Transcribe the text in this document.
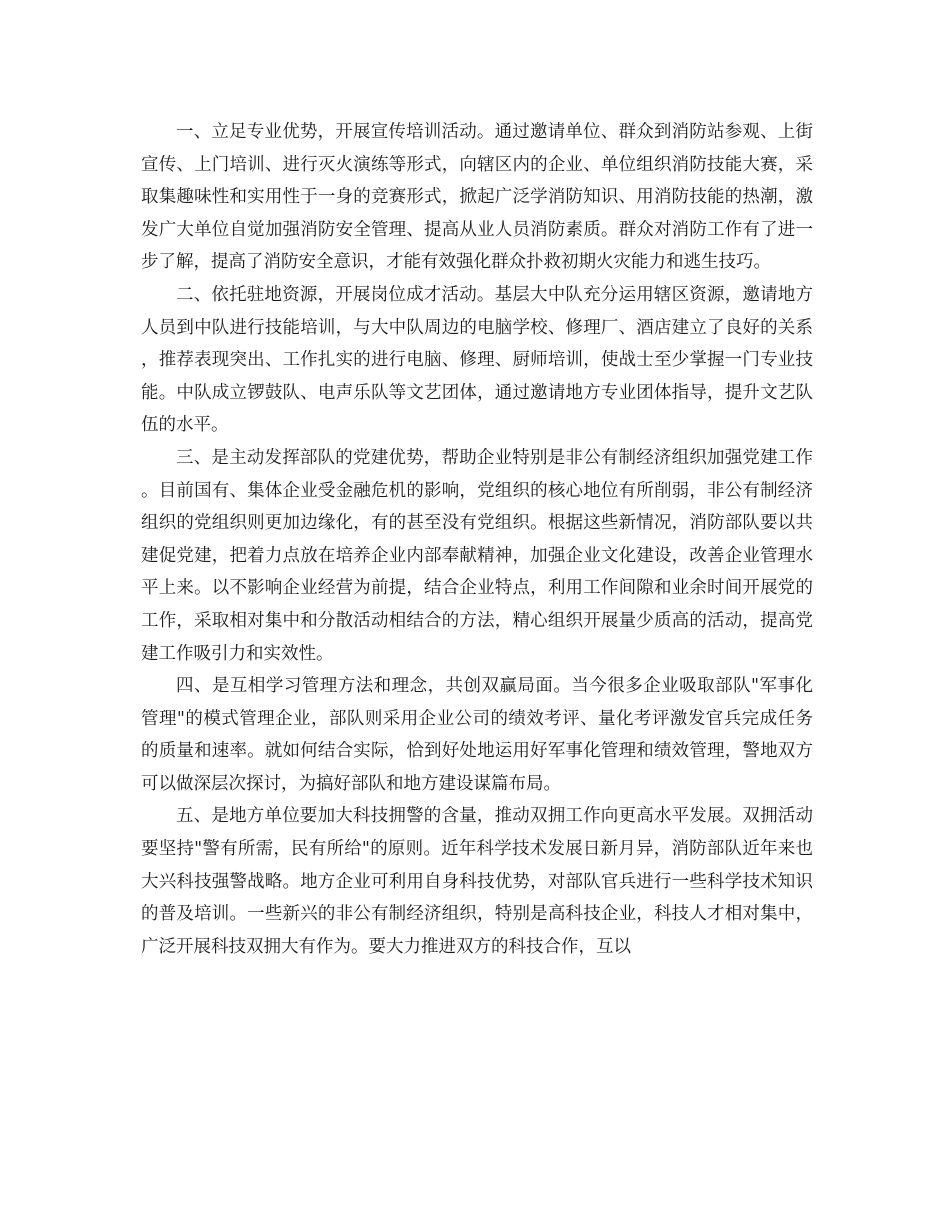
一、立足专业优势，开展宣传培训活动。通过邀请单位、群众到消防站参观、上街宣传、上门培训、进行灭火演练等形式，向辖区内的企业、单位组织消防技能大赛，采取集趣味性和实用性于一身的竞赛形式，掀起广泛学消防知识、用消防技能的热潮，激发广大单位自觉加强消防安全管理、提高从业人员消防素质。群众对消防工作有了进一步了解，提高了消防安全意识，才能有效强化群众扑救初期火灾能力和逃生技巧。

二、依托驻地资源，开展岗位成才活动。基层大中队充分运用辖区资源，邀请地方人员到中队进行技能培训，与大中队周边的电脑学校、修理厂、酒店建立了良好的关系，推荐表现突出、工作扎实的进行电脑、修理、厨师培训，使战士至少掌握一门专业技能。中队成立锣鼓队、电声乐队等文艺团体，通过邀请地方专业团体指导，提升文艺队伍的水平。

三、是主动发挥部队的党建优势，帮助企业特别是非公有制经济组织加强党建工作。目前国有、集体企业受金融危机的影响，党组织的核心地位有所削弱，非公有制经济组织的党组织则更加边缘化，有的甚至没有党组织。根据这些新情况，消防部队要以共建促党建，把着力点放在培养企业内部奉献精神，加强企业文化建设，改善企业管理水平上来。以不影响企业经营为前提，结合企业特点，利用工作间隙和业余时间开展党的工作，采取相对集中和分散活动相结合的方法，精心组织开展量少质高的活动，提高党建工作吸引力和实效性。

四、是互相学习管理方法和理念，共创双赢局面。当今很多企业吸取部队"军事化管理"的模式管理企业，部队则采用企业公司的绩效考评、量化考评激发官兵完成任务的质量和速率。就如何结合实际，恰到好处地运用好军事化管理和绩效管理，警地双方可以做深层次探讨，为搞好部队和地方建设谋篇布局。

五、是地方单位要加大科技拥警的含量，推动双拥工作向更高水平发展。双拥活动要坚持"警有所需，民有所给"的原则。近年科学技术发展日新月异，消防部队近年来也大兴科技强警战略。地方企业可利用自身科技优势，对部队官兵进行一些科学技术知识的普及培训。一些新兴的非公有制经济组织，特别是高科技企业，科技人才相对集中，广泛开展科技双拥大有作为。要大力推进双方的科技合作，互以
